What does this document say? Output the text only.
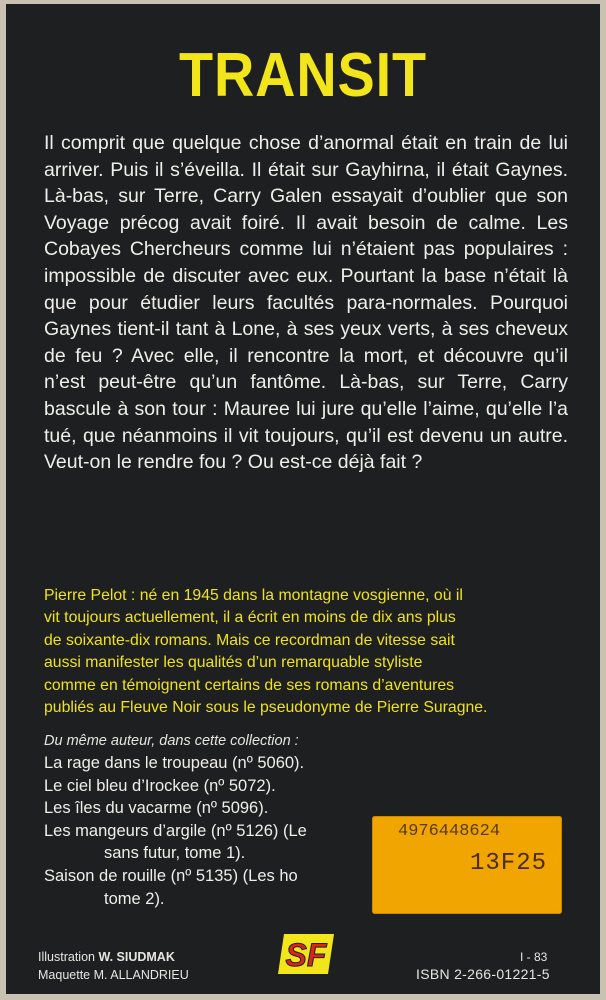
TRANSIT
Il comprit que quelque chose d’anormal était en train de lui arriver. Puis il s’éveilla. Il était sur Gayhirna, il était Gaynes. Là-bas, sur Terre, Carry Galen essayait d’oublier que son Voyage précog avait foiré. Il avait besoin de calme. Les Cobayes Chercheurs comme lui n’étaient pas populaires : impossible de discuter avec eux. Pourtant la base n’était là que pour étudier leurs facultés para-normales. Pourquoi Gaynes tient-il tant à Lone, à ses yeux verts, à ses cheveux de feu ? Avec elle, il rencontre la mort, et découvre qu’il n’est peut-être qu’un fantôme. Là-bas, sur Terre, Carry bascule à son tour : Mauree lui jure qu’elle l’aime, qu’elle l’a tué, que néanmoins il vit toujours, qu’il est devenu un autre. Veut-on le rendre fou ? Ou est-ce déjà fait ?
Pierre Pelot : né en 1945 dans la montagne vosgienne, où il
vit toujours actuellement, il a écrit en moins de dix ans plus
de soixante-dix romans. Mais ce recordman de vitesse sait
aussi manifester les qualités d’un remarquable styliste
comme en témoignent certains de ses romans d’aventures
publiés au Fleuve Noir sous le pseudonyme de Pierre Suragne.
Du même auteur, dans cette collection :
La rage dans le troupeau (nº 5060).
Le ciel bleu d’Irockee (nº 5072).
Les îles du vacarme (nº 5096).
Les mangeurs d’argile (nº 5126) (Le
sans futur, tome 1).
Saison de rouille (nº 5135) (Les ho
tome 2).
4976448624
13F25
Illustration W. SIUDMAK
Maquette M. ALLANDRIEU
SF	I - 83
ISBN 2-266-01221-5
